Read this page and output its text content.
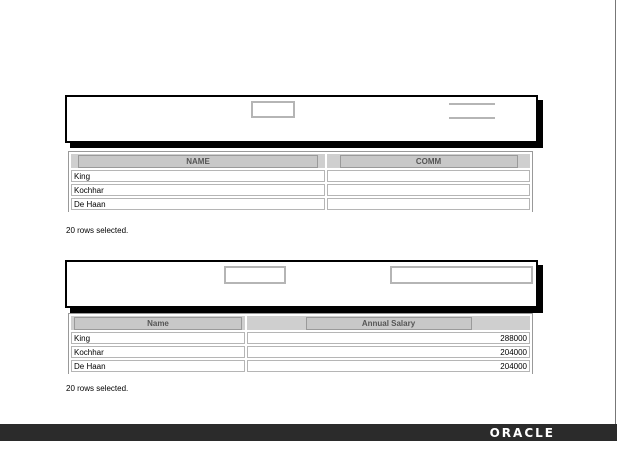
NAME	COMM
King	
Kochhar	
De Haan	
20 rows selected.
Name	Annual Salary
King	288000
Kochhar	204000
De Haan	204000
20 rows selected.
ORACLE
